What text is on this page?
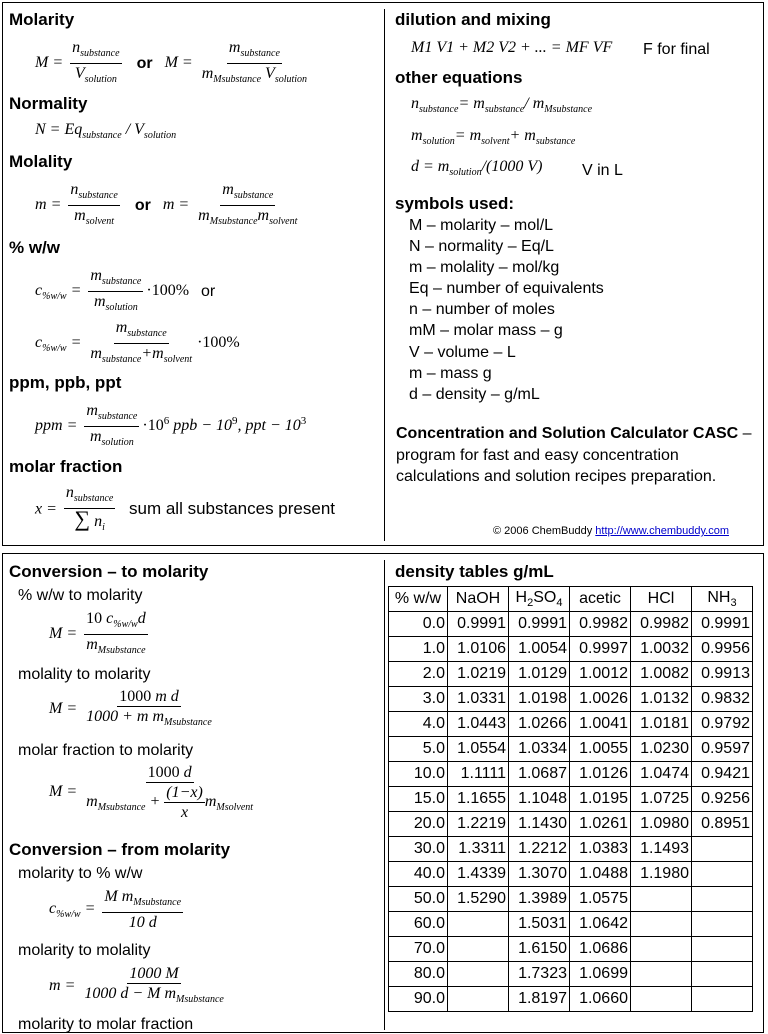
Molarity
$M = \frac{n_{substance}}{V_{solution}}$ or $M = \frac{m_{substance}}{m_{Msubstance} V_{solution}}$
Normality
$N = Eq_{substance} / V_{solution}$
Molality
$m = \frac{n_{substance}}{m_{solvent}}$ or $m = \frac{m_{substance}}{m_{Msubstance}m_{solvent}}$
% w/w
$c_{\%w/w} = \frac{m_{substance}}{m_{solution}} \cdot 100\%$ or
$c_{\%w/w} = \frac{m_{substance}}{m_{substance}+m_{solvent}} \cdot 100\%$
ppm, ppb, ppt
ppm = $\frac{m_{substance}}{m_{solution}} \cdot 10^6$ ppb − $10^9$, ppt − $10^3$
molar fraction
$x = \frac{n_{substance}}{\sum n_i}$ sum all substances present
dilution and mixing
M1 V1 + M2 V2 + ... = MF VF F for final
other equations
$n_{substance}= m_{substance}/$ $m_{Msubstance}$
$m_{solution}= m_{solvent}+ m_{substance}$
$d = m_{solution}/(1000$ V) V in L
symbols used:
M – molarity – mol/L
N – normality – Eq/L
m – molality – mol/kg
Eq – number of equivalents
n – number of moles
mM – molar mass – g
V – volume – L
m – mass g
d – density – g/mL
Concentration and Solution Calculator CASC – program for fast and easy concentration calculations and solution recipes preparation.
© 2006 ChemBuddy http://www.chembuddy.com
Conversion – to molarity
% w/w to molarity
$M = \frac{10 c_{\%w/w}d}{m_{Msubstance}}$
molality to molarity
$M = \frac{\text{1000 m d}}{1000 + m m_{Msubstance}}$
molar fraction to molarity
$M = \frac{1000 d}{m_{Msubstance} + \frac{(1-x)}{x} m_{Msolvent}}$
Conversion – from molarity
molarity to % w/w
$c_{\%w/w} = \frac{M m_{Msubstance}}{10 d}$
molarity to molality
$m = \frac{1000 M}{1000 d - M m_{Msubstance}}$
molarity to molar fraction
density tables g/mL
% w/w	NaOH	$H_2SO_4$	acetic	HCl	$NH_3$
0.0	0.9991	0.9991	0.9982	0.9982	0.9991
1.0	1.0106	1.0054	0.9997	1.0032	0.9956
2.0	1.0219	1.0129	1.0012	1.0082	0.9913
3.0	1.0331	1.0198	1.0026	1.0132	0.9832
4.0	1.0443	1.0266	1.0041	1.0181	0.9792
5.0	1.0554	1.0334	1.0055	1.0230	0.9597
10.0	1.1111	1.0687	1.0126	1.0474	0.9421
15.0	1.1655	1.1048	1.0195	1.0725	0.9256
20.0	1.2219	1.1430	1.0261	1.0980	0.8951
30.0	1.3311	1.2212	1.0383	1.1493	
40.0	1.4339	1.3070	1.0488	1.1980	
50.0	1.5290	1.3989	1.0575		
60.0		1.5031	1.0642		
70.0		1.6150	1.0686		
80.0		1.7323	1.0699		
90.0		1.8197	1.0660		
